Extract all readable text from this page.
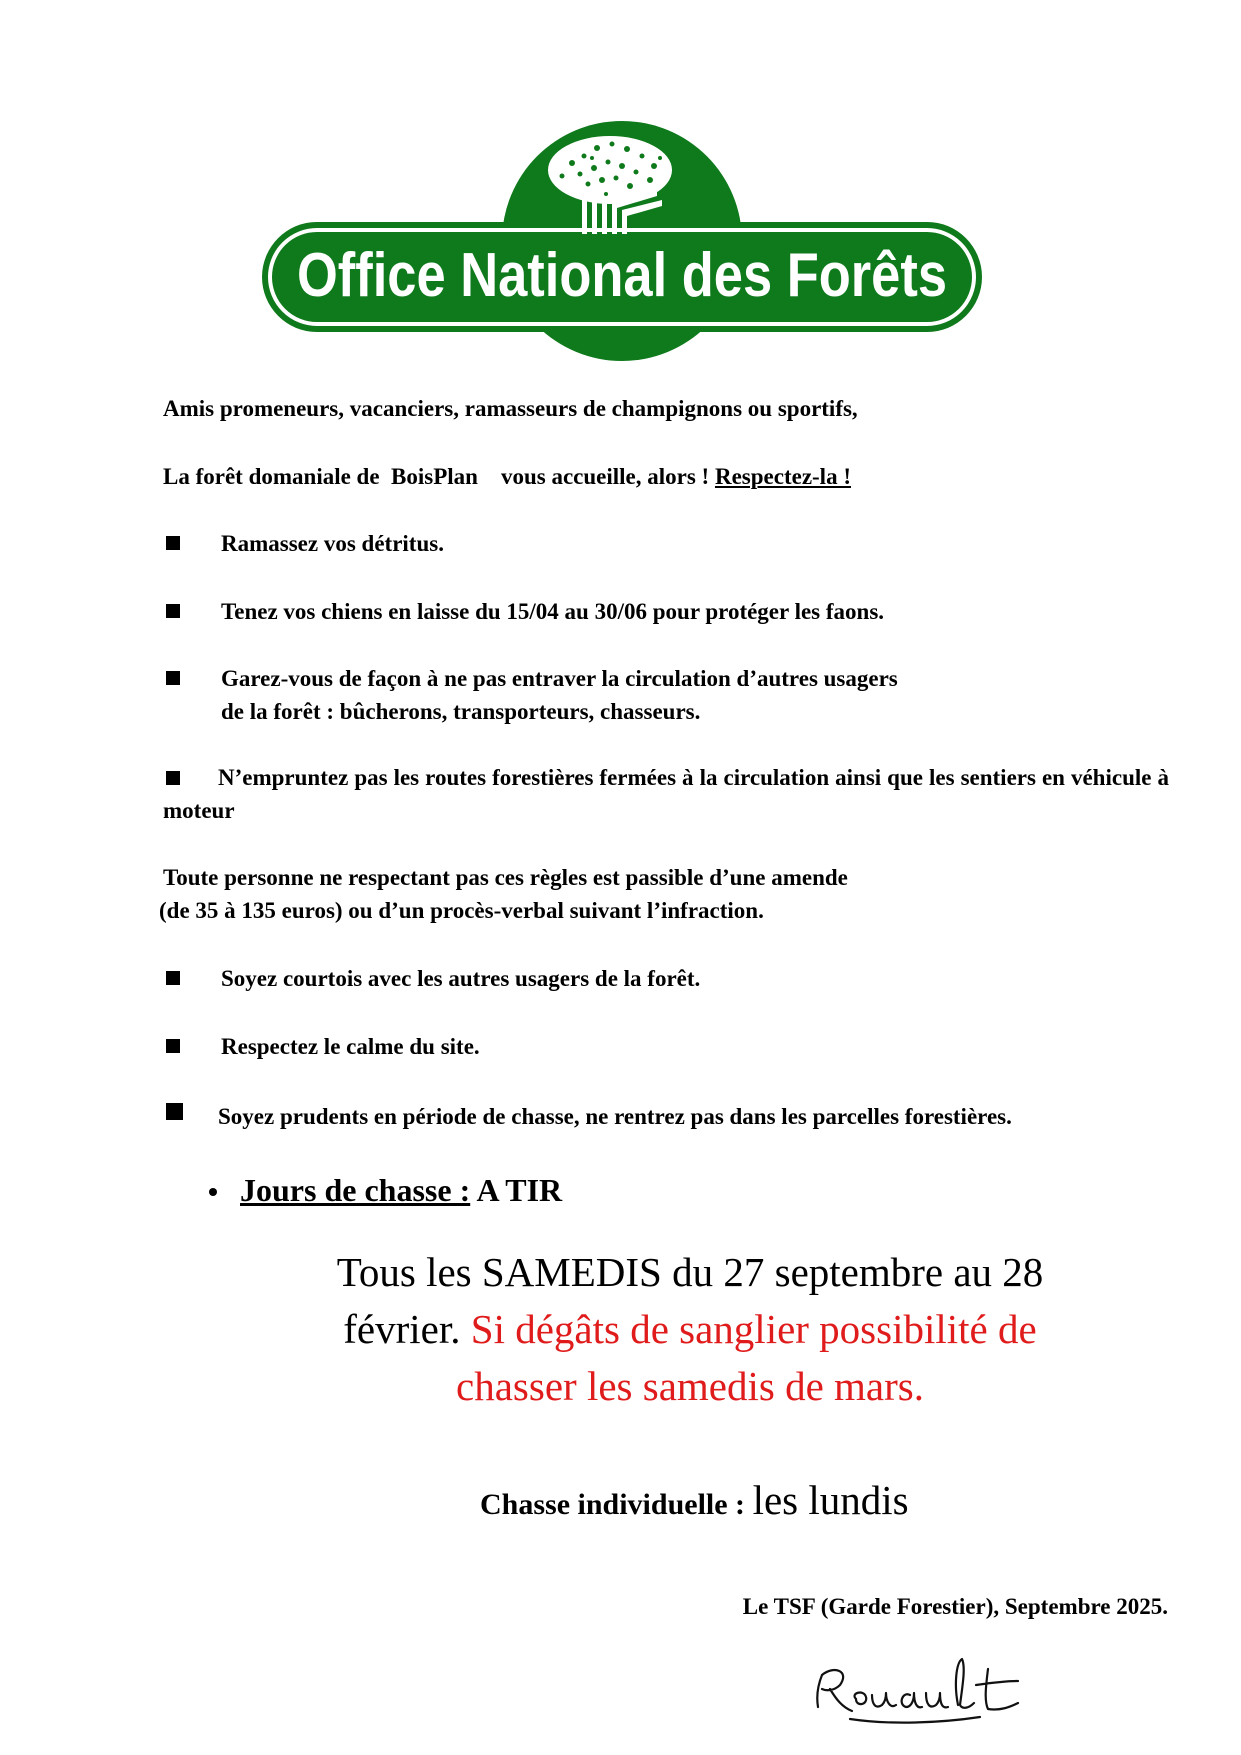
Office National des Forêts
Amis promeneurs, vacanciers, ramasseurs de champignons ou sportifs,
La forêt domaniale de  BoisPlan    vous accueille, alors ! Respectez-la !
Ramassez vos détritus.
Tenez vos chiens en laisse du 15/04 au 30/06 pour protéger les faons.
Garez-vous de façon à ne pas entraver la circulation d’autres usagers
de la forêt : bûcherons, transporteurs, chasseurs.
N’empruntez pas les routes forestières fermées à la circulation ainsi que les sentiers en véhicule à moteur
Toute personne ne respectant pas ces règles est passible d’une amende
(de 35 à 135 euros) ou d’un procès-verbal suivant l’infraction.
Soyez courtois avec les autres usagers de la forêt.
Respectez le calme du site.
Soyez prudents en période de chasse, ne rentrez pas dans les parcelles forestières.
Jours de chasse : A TIR
Tous les SAMEDIS du 27 septembre au 28
février. Si dégâts de sanglier possibilité de
chasser les samedis de mars.
Chasse individuelle : les lundis
Le TSF (Garde Forestier), Septembre 2025.
